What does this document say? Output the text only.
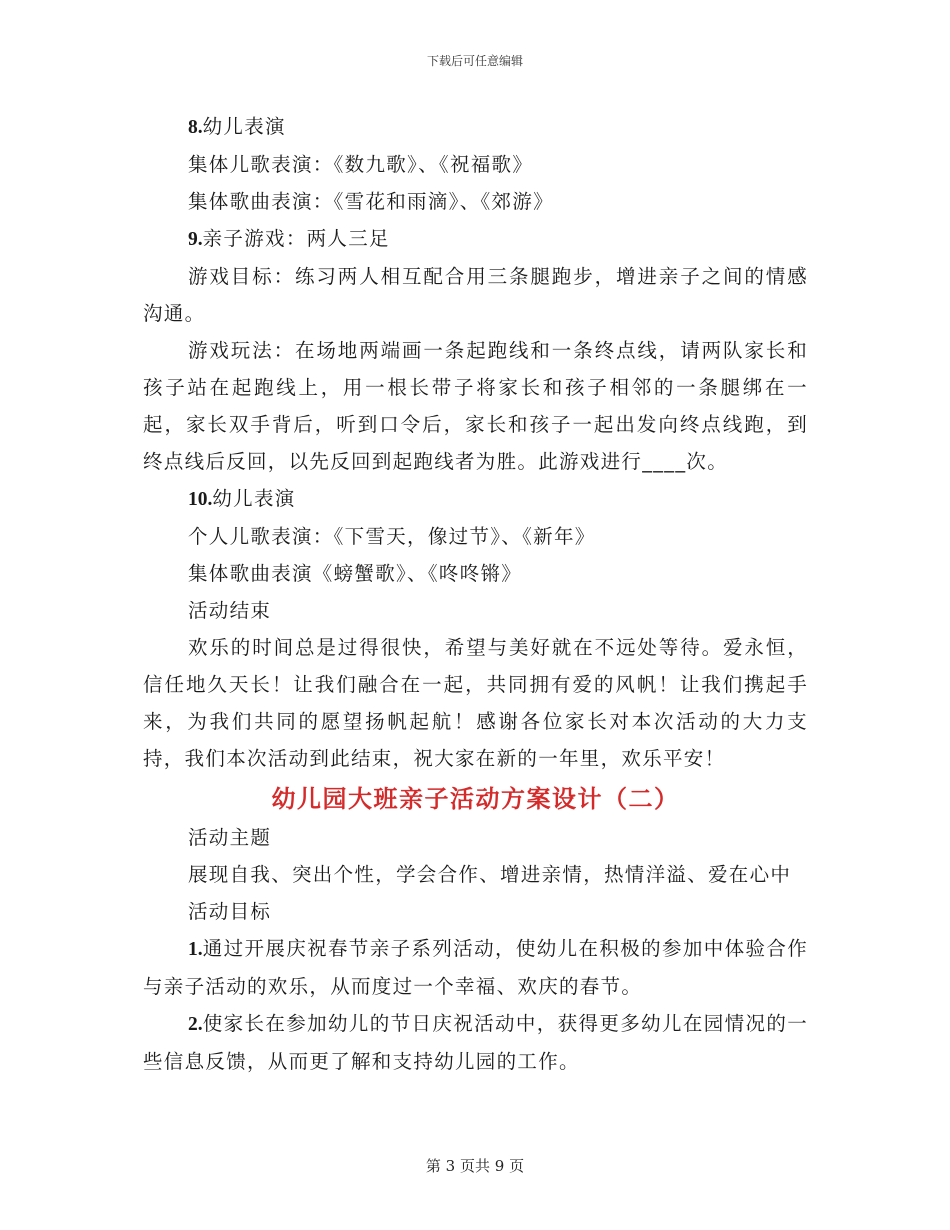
下载后可任意编辑

8.幼儿表演

集体儿歌表演：《数九歌》、《祝福歌》

集体歌曲表演：《雪花和雨滴》、《郊游》

9.亲子游戏：两人三足

游戏目标：练习两人相互配合用三条腿跑步，增进亲子之间的情感沟通。

游戏玩法：在场地两端画一条起跑线和一条终点线，请两队家长和孩子站在起跑线上，用一根长带子将家长和孩子相邻的一条腿绑在一起，家长双手背后，听到口令后，家长和孩子一起出发向终点线跑，到终点线后反回，以先反回到起跑线者为胜。此游戏进行____次。

10.幼儿表演

个人儿歌表演：《下雪天，像过节》、《新年》

集体歌曲表演《螃蟹歌》、《咚咚锵》

活动结束

欢乐的时间总是过得很快，希望与美好就在不远处等待。爱永恒，信任地久天长！让我们融合在一起，共同拥有爱的风帆！让我们携起手来，为我们共同的愿望扬帆起航！感谢各位家长对本次活动的大力支持，我们本次活动到此结束，祝大家在新的一年里，欢乐平安！

幼儿园大班亲子活动方案设计（二）

活动主题

展现自我、突出个性，学会合作、增进亲情，热情洋溢、爱在心中

活动目标

1.通过开展庆祝春节亲子系列活动，使幼儿在积极的参加中体验合作与亲子活动的欢乐，从而度过一个幸福、欢庆的春节。

2.使家长在参加幼儿的节日庆祝活动中，获得更多幼儿在园情况的一些信息反馈，从而更了解和支持幼儿园的工作。

第 3 页共 9 页
